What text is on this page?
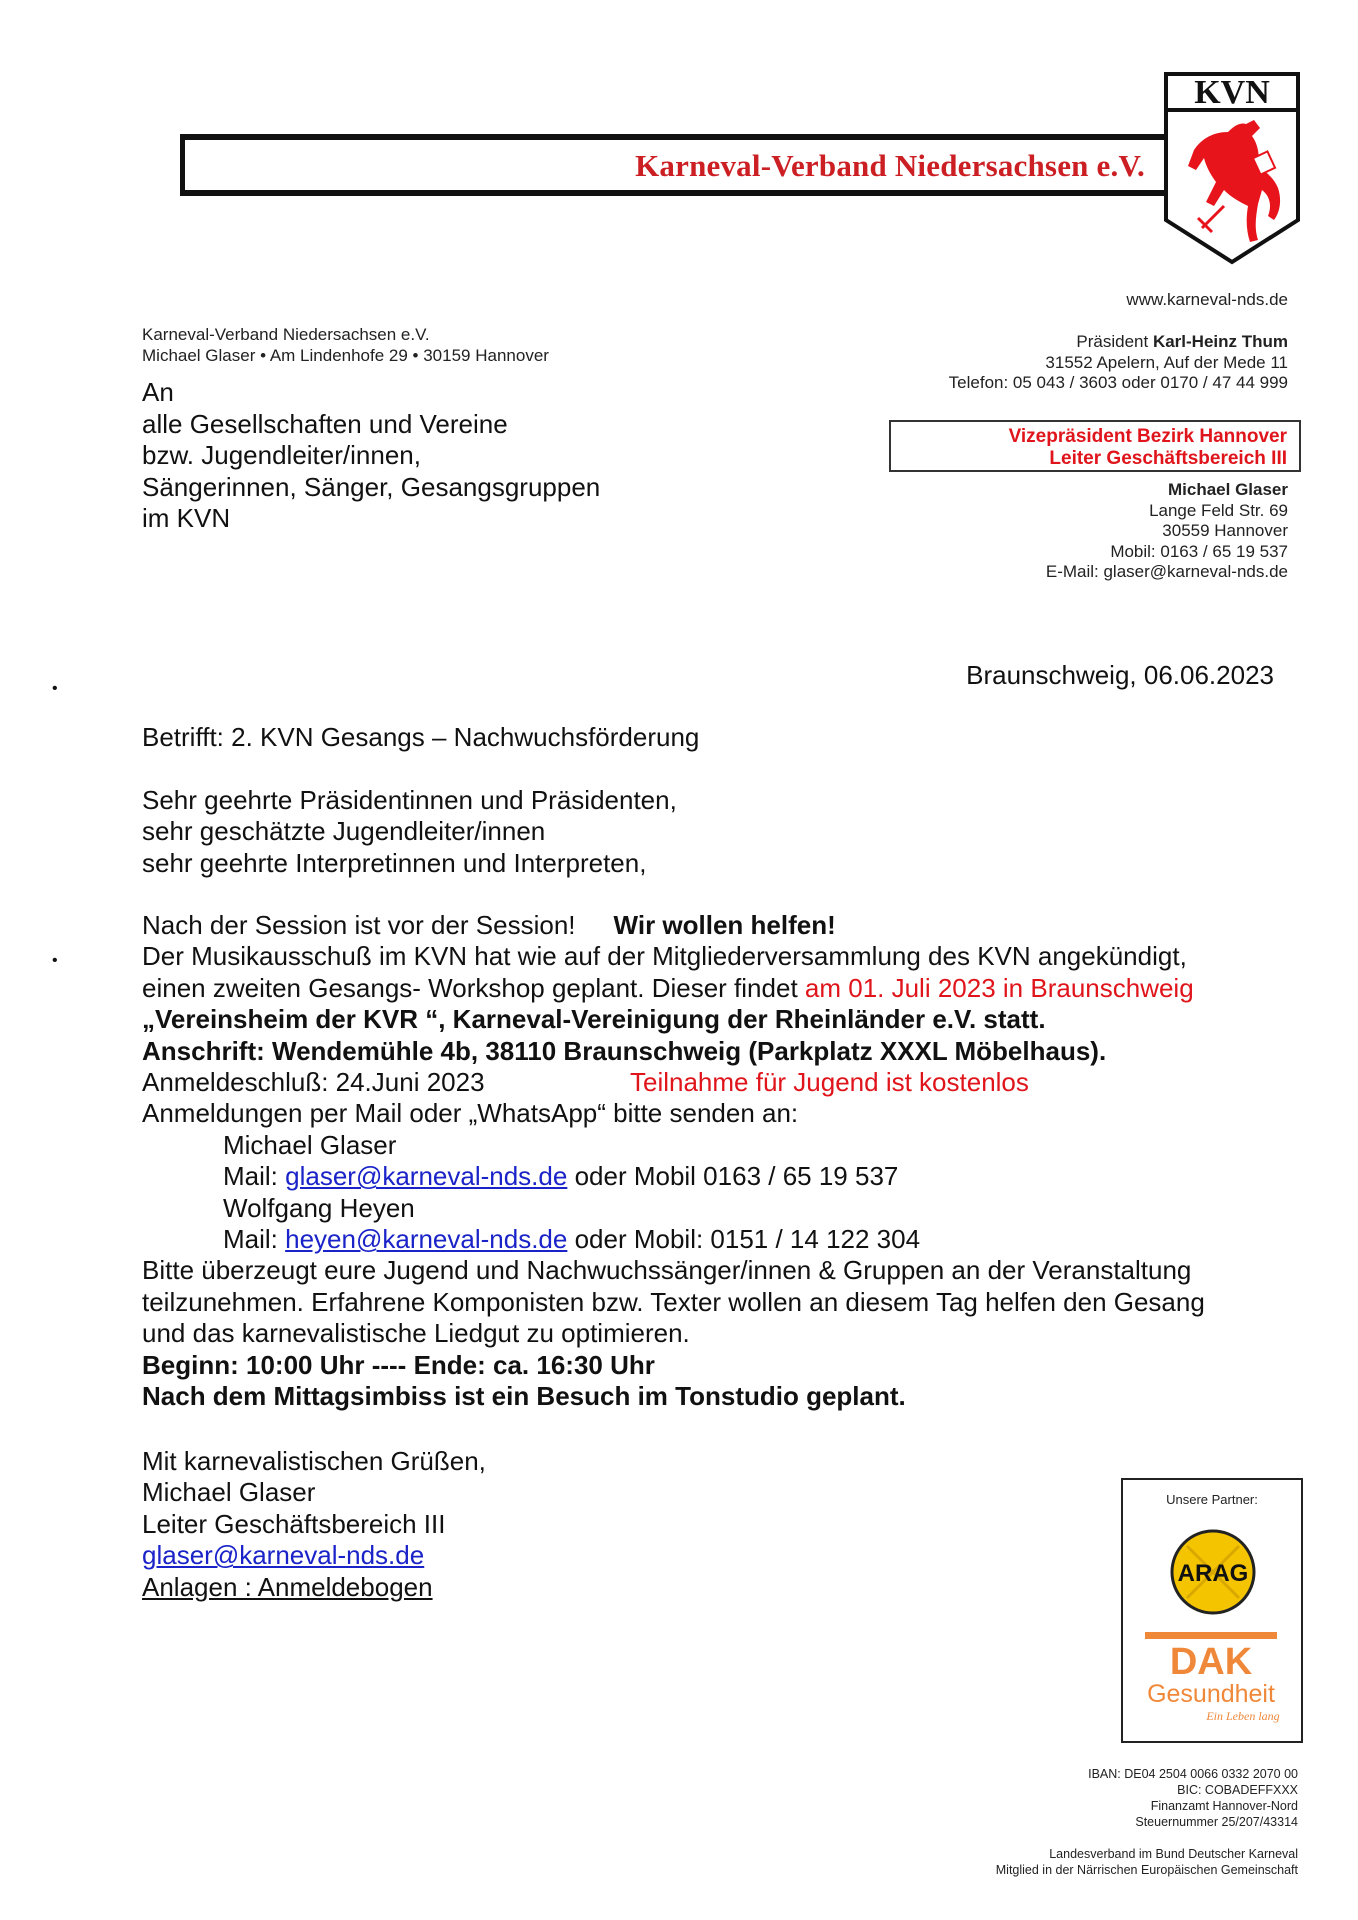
Karneval-Verband Niedersachsen e.V.
KVN
Karneval-Verband Niedersachsen e.V.
Michael Glaser • Am Lindenhofe 29 • 30159 Hannover
An
alle Gesellschaften und Vereine
bzw. Jugendleiter/innen,
Sängerinnen, Sänger, Gesangsgruppen
im KVN
www.karneval-nds.de
Präsident Karl-Heinz Thum
31552 Apelern, Auf der Mede 11
Telefon: 05 043 / 3603 oder 0170 / 47 44 999
Vizepräsident Bezirk Hannover
Leiter Geschäftsbereich III
Michael Glaser
Lange Feld Str. 69
30559 Hannover
Mobil: 0163 / 65 19 537
E-Mail: glaser@karneval-nds.de
Braunschweig, 06.06.2023
•
•
Betrifft: 2. KVN Gesangs – Nachwuchsförderung
Sehr geehrte Präsidentinnen und Präsidenten,
sehr geschätzte Jugendleiter/innen
sehr geehrte Interpretinnen und Interpreten,
Nach der Session ist vor der Session! Wir wollen helfen!
Der Musikausschuß im KVN hat wie auf der Mitgliederversammlung des KVN angekündigt,
einen zweiten Gesangs- Workshop geplant. Dieser findet am 01. Juli 2023 in Braunschweig
„Vereinsheim der KVR “, Karneval-Vereinigung der Rheinländer e.V. statt.
Anschrift: Wendemühle 4b, 38110 Braunschweig (Parkplatz XXXL Möbelhaus).
Anmeldeschluß: 24.Juni 2023	Teilnahme für Jugend ist kostenlos
Anmeldungen per Mail oder „WhatsApp“ bitte senden an:
Michael Glaser
Mail: glaser@karneval-nds.de oder Mobil 0163 / 65 19 537
Wolfgang Heyen
Mail: heyen@karneval-nds.de oder Mobil: 0151 / 14 122 304
Bitte überzeugt eure Jugend und Nachwuchssänger/innen & Gruppen an der Veranstaltung
teilzunehmen. Erfahrene Komponisten bzw. Texter wollen an diesem Tag helfen den Gesang
und das karnevalistische Liedgut zu optimieren.
Beginn: 10:00 Uhr ---- Ende: ca. 16:30 Uhr
Nach dem Mittagsimbiss ist ein Besuch im Tonstudio geplant.
Mit karnevalistischen Grüßen,
Michael Glaser
Leiter Geschäftsbereich III
glaser@karneval-nds.de
Anlagen : Anmeldebogen
Unsere Partner:
ARAG
DAK
Gesundheit
Ein Leben lang
IBAN: DE04 2504 0066 0332 2070 00
BIC: COBADEFFXXX
Finanzamt Hannover-Nord
Steuernummer 25/207/43314
Landesverband im Bund Deutscher Karneval
Mitglied in der Närrischen Europäischen Gemeinschaft
